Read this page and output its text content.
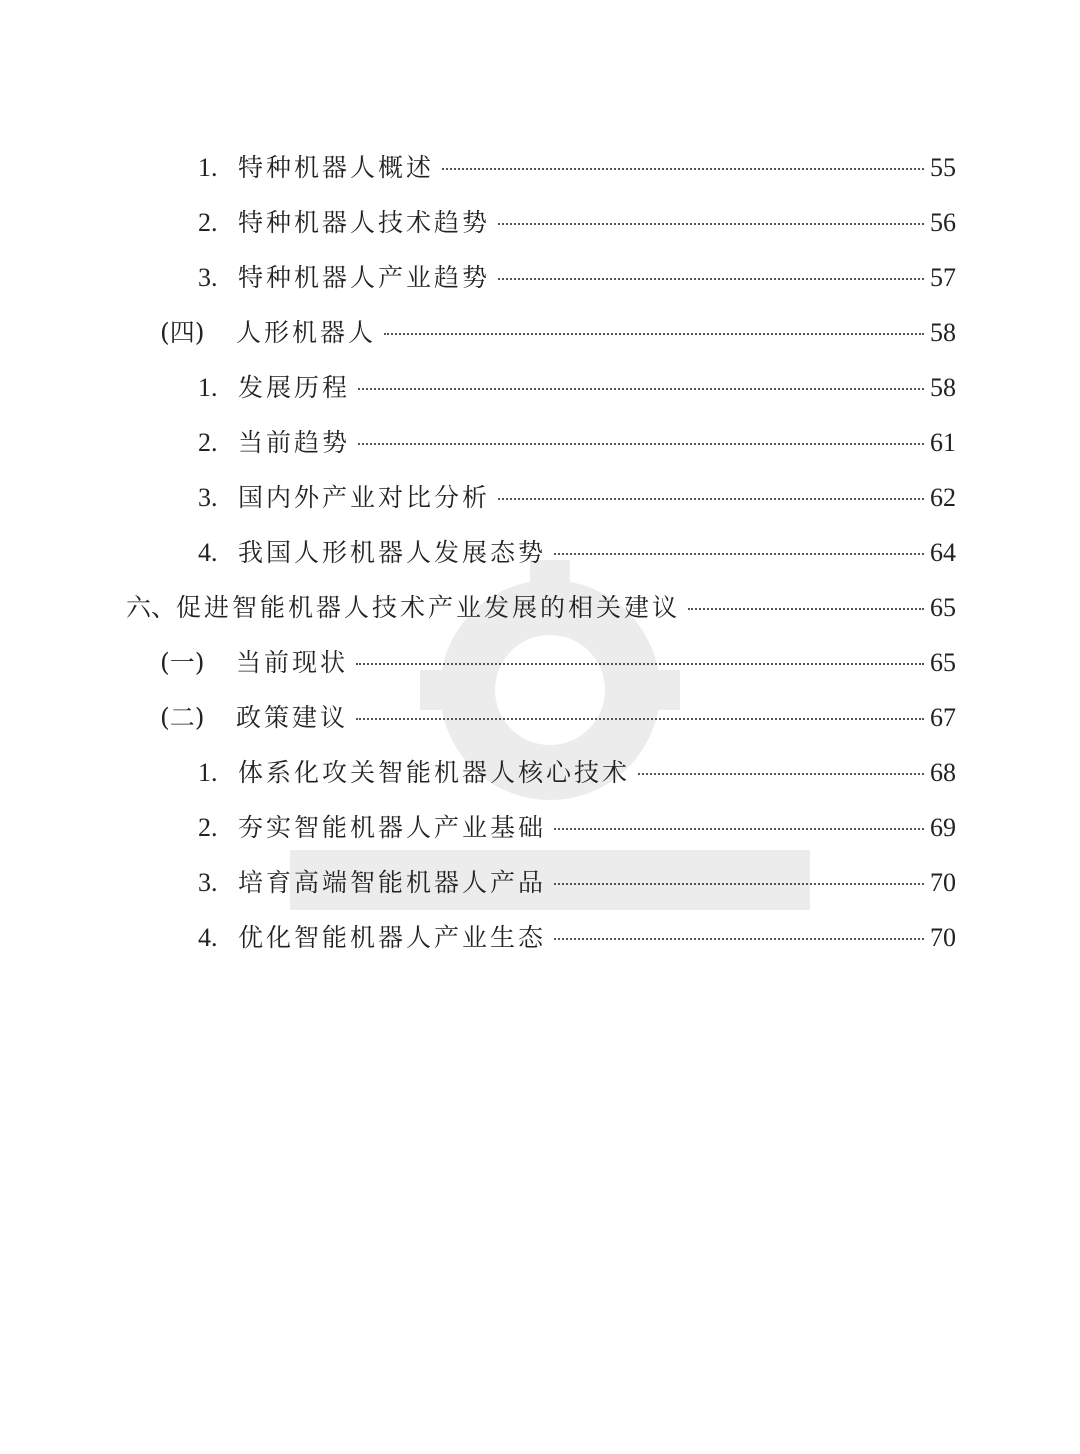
1. 特种机器人概述	55
2. 特种机器人技术趋势	56
3. 特种机器人产业趋势	57
(四)	人形机器人	58
1. 发展历程	58
2. 当前趋势	61
3. 国内外产业对比分析	62
4. 我国人形机器人发展态势	64
六、 促进智能机器人技术产业发展的相关建议	65
(一)	当前现状	65
(二)	政策建议	67
1. 体系化攻关智能机器人核心技术	68
2. 夯实智能机器人产业基础	69
3. 培育高端智能机器人产品	70
4. 优化智能机器人产业生态	70
